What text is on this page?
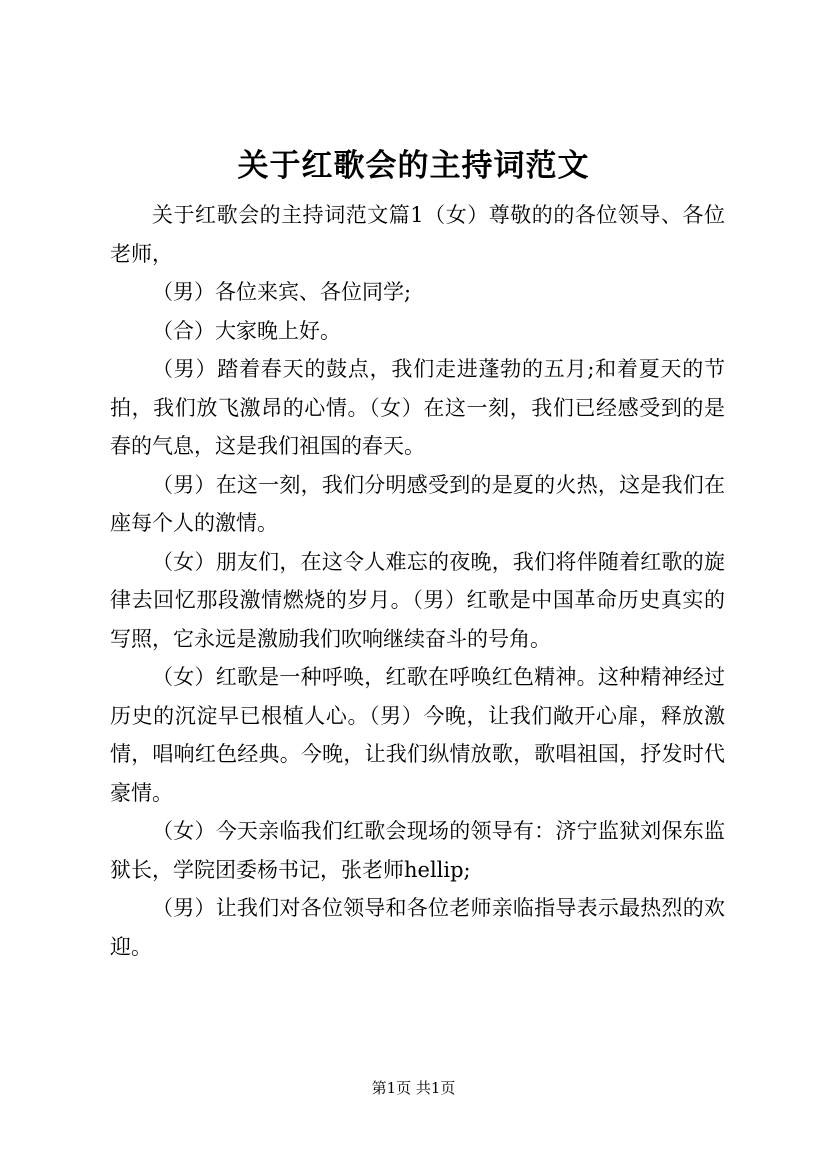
关于红歌会的主持词范文

关于红歌会的主持词范文篇1（女）尊敬的的各位领导、各位老师，

（男）各位来宾、各位同学;

（合）大家晚上好。

（男）踏着春天的鼓点，我们走进蓬勃的五月;和着夏天的节拍，我们放飞激昂的心情。（女）在这一刻，我们已经感受到的是春的气息，这是我们祖国的春天。

（男）在这一刻，我们分明感受到的是夏的火热，这是我们在座每个人的激情。

（女）朋友们，在这令人难忘的夜晚，我们将伴随着红歌的旋律去回忆那段激情燃烧的岁月。（男）红歌是中国革命历史真实的写照，它永远是激励我们吹响继续奋斗的号角。

（女）红歌是一种呼唤，红歌在呼唤红色精神。这种精神经过历史的沉淀早已根植人心。（男）今晚，让我们敞开心扉，释放激情，唱响红色经典。今晚，让我们纵情放歌，歌唱祖国，抒发时代豪情。

（女）今天亲临我们红歌会现场的领导有：济宁监狱刘保东监狱长，学院团委杨书记，张老师hellip;

（男）让我们对各位领导和各位老师亲临指导表示最热烈的欢迎。

第1页 共1页
